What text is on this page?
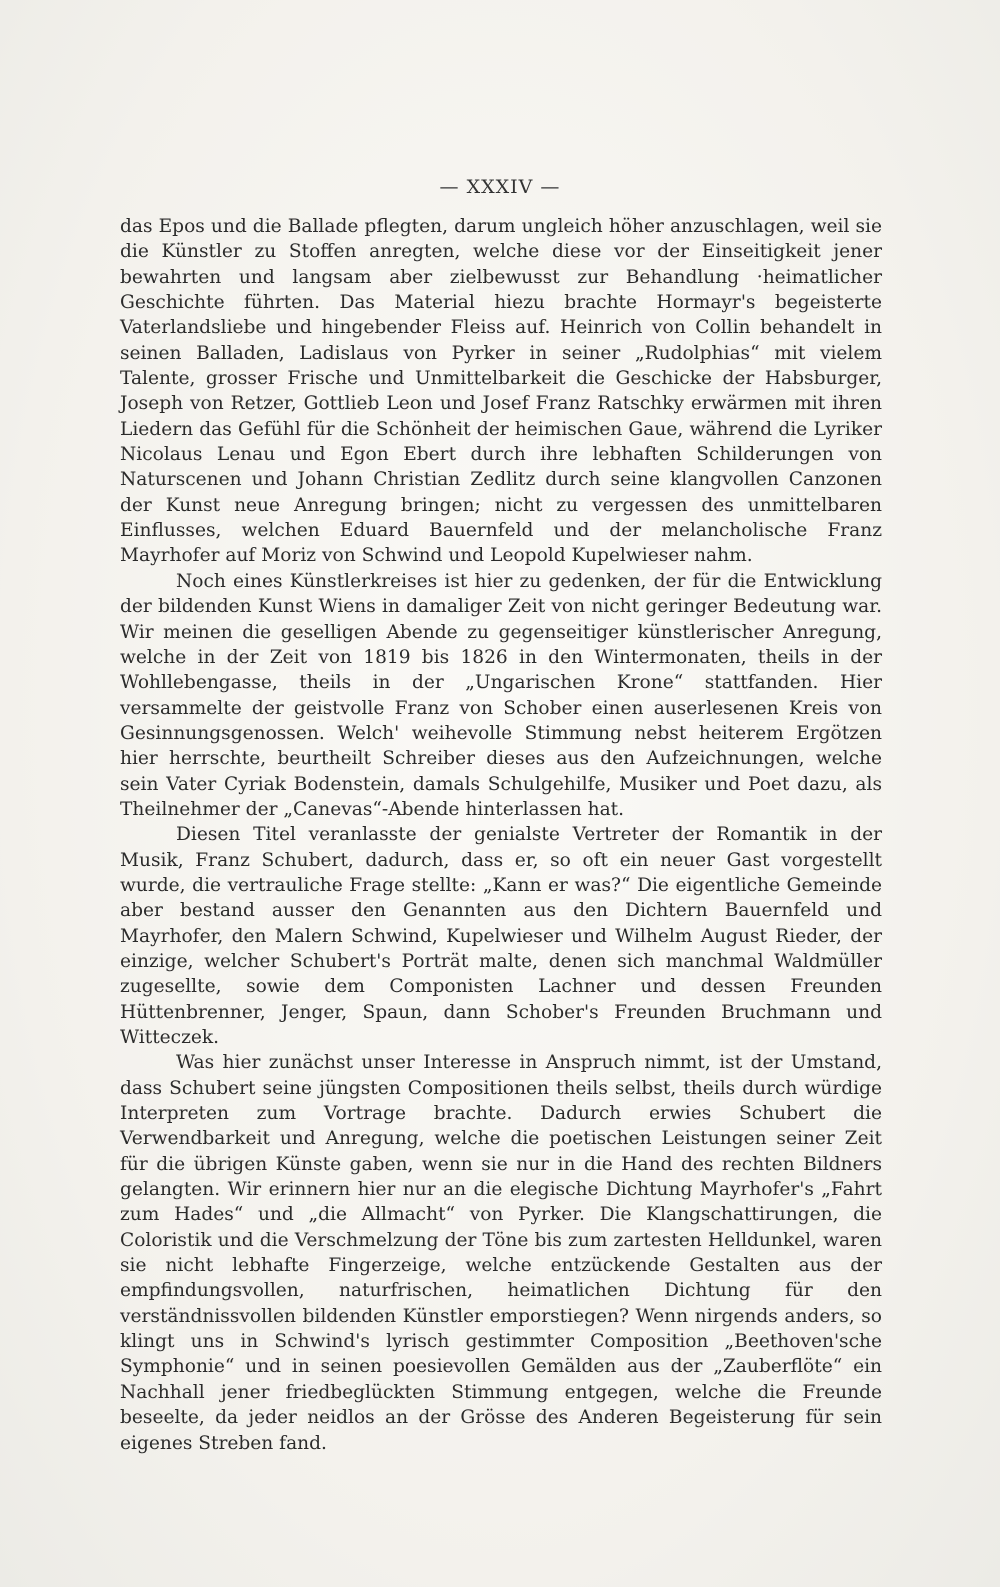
— XXXIV —

das Epos und die Ballade pflegten, darum ungleich höher anzuschlagen, weil sie die Künstler zu Stoffen anregten, welche diese vor der Einseitigkeit jener bewahrten und langsam aber zielbewusst zur Behandlung ·heimatlicher Geschichte führten. Das Material hiezu brachte Hormayr's begeisterte Vaterlandsliebe und hingebender Fleiss auf. Heinrich von Collin behandelt in seinen Balladen, Ladislaus von Pyrker in seiner „Rudolphias“ mit vielem Talente, grosser Frische und Unmittelbarkeit die Geschicke der Habsburger, Joseph von Retzer, Gottlieb Leon und Josef Franz Ratschky erwärmen mit ihren Liedern das Gefühl für die Schönheit der heimischen Gaue, während die Lyriker Nicolaus Lenau und Egon Ebert durch ihre lebhaften Schilderungen von Naturscenen und Johann Christian Zedlitz durch seine klangvollen Canzonen der Kunst neue Anregung bringen; nicht zu vergessen des unmittelbaren Einflusses, welchen Eduard Bauernfeld und der melancholische Franz Mayrhofer auf Moriz von Schwind und Leopold Kupelwieser nahm.

Noch eines Künstlerkreises ist hier zu gedenken, der für die Entwicklung der bildenden Kunst Wiens in damaliger Zeit von nicht geringer Bedeutung war. Wir meinen die geselligen Abende zu gegenseitiger künstlerischer Anregung, welche in der Zeit von 1819 bis 1826 in den Wintermonaten, theils in der Wohllebengasse, theils in der „Ungarischen Krone“ stattfanden. Hier versammelte der geistvolle Franz von Schober einen auserlesenen Kreis von Gesinnungsgenossen. Welch' weihevolle Stimmung nebst heiterem Ergötzen hier herrschte, beurtheilt Schreiber dieses aus den Aufzeichnungen, welche sein Vater Cyriak Bodenstein, damals Schulgehilfe, Musiker und Poet dazu, als Theilnehmer der „Canevas“-Abende hinterlassen hat.

Diesen Titel veranlasste der genialste Vertreter der Romantik in der Musik, Franz Schubert, dadurch, dass er, so oft ein neuer Gast vorgestellt wurde, die vertrauliche Frage stellte: „Kann er was?“ Die eigentliche Gemeinde aber bestand ausser den Genannten aus den Dichtern Bauernfeld und Mayrhofer, den Malern Schwind, Kupelwieser und Wilhelm August Rieder, der einzige, welcher Schubert's Porträt malte, denen sich manchmal Waldmüller zugesellte, sowie dem Componisten Lachner und dessen Freunden Hüttenbrenner, Jenger, Spaun, dann Schober's Freunden Bruchmann und Witteczek.

Was hier zunächst unser Interesse in Anspruch nimmt, ist der Umstand, dass Schubert seine jüngsten Compositionen theils selbst, theils durch würdige Interpreten zum Vortrage brachte. Dadurch erwies Schubert die Verwendbarkeit und Anregung, welche die poetischen Leistungen seiner Zeit für die übrigen Künste gaben, wenn sie nur in die Hand des rechten Bildners gelangten. Wir erinnern hier nur an die elegische Dichtung Mayrhofer's „Fahrt zum Hades“ und „die Allmacht“ von Pyrker. Die Klangschattirungen, die Coloristik und die Verschmelzung der Töne bis zum zartesten Helldunkel, waren sie nicht lebhafte Fingerzeige, welche entzückende Gestalten aus der empfindungsvollen, naturfrischen, heimatlichen Dichtung für den verständnissvollen bildenden Künstler emporstiegen? Wenn nirgends anders, so klingt uns in Schwind's lyrisch gestimmter Composition „Beethoven'sche Symphonie“ und in seinen poesievollen Gemälden aus der „Zauberflöte“ ein Nachhall jener friedbeglückten Stimmung entgegen, welche die Freunde beseelte, da jeder neidlos an der Grösse des Anderen Begeisterung für sein eigenes Streben fand.
